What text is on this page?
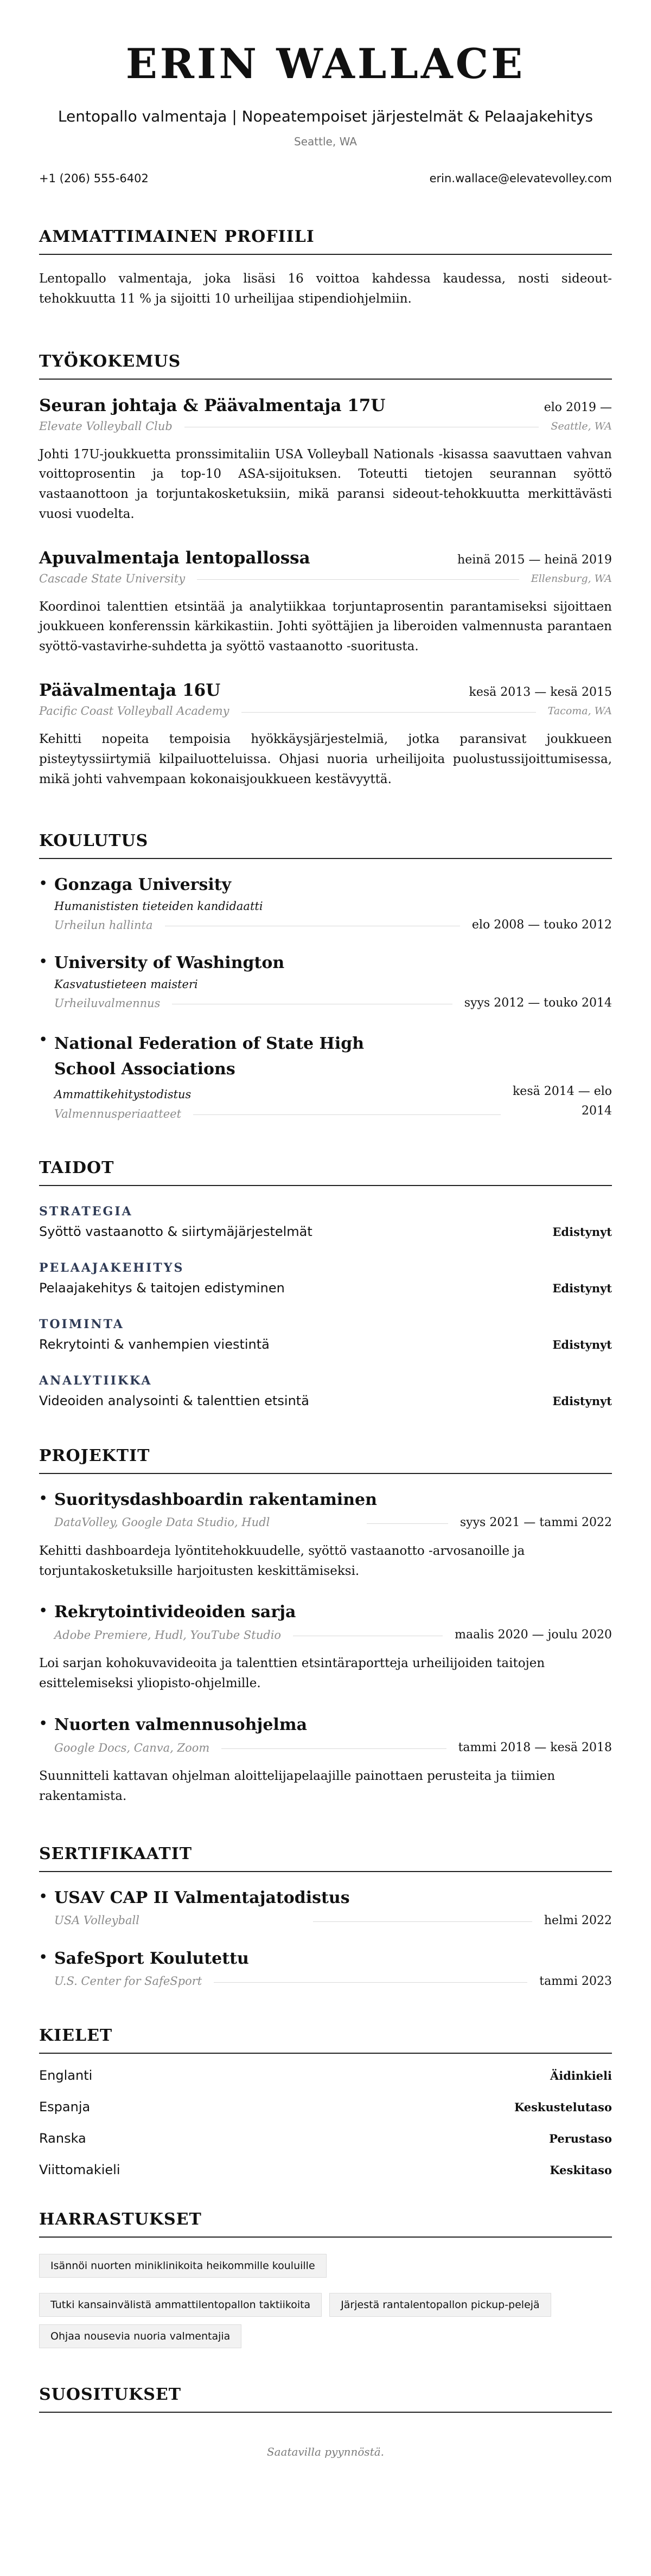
ERIN WALLACE
Lentopallo valmentaja | Nopeatempoiset järjestelmät & Pelaajakehitys
Seattle, WA
+1 (206) 555-6402	erin.wallace@elevatevolley.com
AMMATTIMAINEN PROFIILI
Lentopallo valmentaja, joka lisäsi 16 voittoa kahdessa kaudessa, nosti sideout-tehokkuutta 11 % ja sijoitti 10 urheilijaa stipendiohjelmiin.
TYÖKOKEMUS
Seuran johtaja & Päävalmentaja 17U	elo 2019 —
Elevate Volleyball Club	Seattle, WA
Johti 17U-joukkuetta pronssimitaliin USA Volleyball Nationals -kisassa saavuttaen vahvan voittoprosentin ja top-10 ASA-sijoituksen. Toteutti tietojen seurannan syöttö vastaanottoon ja torjuntakosketuksiin, mikä paransi sideout-tehokkuutta merkittävästi vuosi vuodelta.
Apuvalmentaja lentopallossa	heinä 2015 — heinä 2019
Cascade State University	Ellensburg, WA
Koordinoi talenttien etsintää ja analytiikkaa torjuntaprosentin parantamiseksi sijoittaen joukkueen konferenssin kärkikastiin. Johti syöttäjien ja liberoiden valmennusta parantaen syöttö-vastavirhe-suhdetta ja syöttö vastaanotto -suoritusta.
Päävalmentaja 16U	kesä 2013 — kesä 2015
Pacific Coast Volleyball Academy	Tacoma, WA
Kehitti nopeita tempoisia hyökkäysjärjestelmiä, jotka paransivat joukkueen pisteytyssiirtymiä kilpailuotteluissa. Ohjasi nuoria urheilijoita puolustussijoittumisessa, mikä johti vahvempaan kokonaisjoukkueen kestävyyttä.
KOULUTUS
• Gonzaga University
Humanististen tieteiden kandidaatti
Urheilun hallinta	elo 2008 — touko 2012
• University of Washington
Kasvatustieteen maisteri
Urheiluvalmennus	syys 2012 — touko 2014
• National Federation of State High School Associations
Ammattikehitystodistus
Valmennusperiaatteet
kesä 2014 — elo
2014
TAIDOT
STRATEGIA
Syöttö vastaanotto & siirtymäjärjestelmät	Edistynyt
PELAAJAKEHITYS
Pelaajakehitys & taitojen edistyminen	Edistynyt
TOIMINTA
Rekrytointi & vanhempien viestintä	Edistynyt
ANALYTIIKKA
Videoiden analysointi & talenttien etsintä	Edistynyt
PROJEKTIT
• Suoritysdashboardin rakentaminen
DataVolley, Google Data Studio, Hudl	syys 2021 — tammi 2022
Kehitti dashboardeja lyöntitehokkuudelle, syöttö vastaanotto -arvosanoille ja torjuntakosketuksille harjoitusten keskittämiseksi.
• Rekrytointivideoiden sarja
Adobe Premiere, Hudl, YouTube Studio	maalis 2020 — joulu 2020
Loi sarjan kohokuvavideoita ja talenttien etsintäraportteja urheilijoiden taitojen esittelemiseksi yliopisto-ohjelmille.
• Nuorten valmennusohjelma
Google Docs, Canva, Zoom	tammi 2018 — kesä 2018
Suunnitteli kattavan ohjelman aloittelijapelaajille painottaen perusteita ja tiimien rakentamista.
SERTIFIKAATIT
• USAV CAP II Valmentajatodistus
USA Volleyball	helmi 2022
• SafeSport Koulutettu
U.S. Center for SafeSport	tammi 2023
KIELET
Englanti	Äidinkieli
Espanja	Keskustelutaso
Ranska	Perustaso
Viittomakieli	Keskitaso
HARRASTUKSET
Isännöi nuorten miniklinikoita heikommille kouluille
Tutki kansainvälistä ammattilentopallon taktiikoita	Järjestä rantalentopallon pickup-pelejä
Ohjaa nousevia nuoria valmentajia
SUOSITUKSET
Saatavilla pyynnöstä.
